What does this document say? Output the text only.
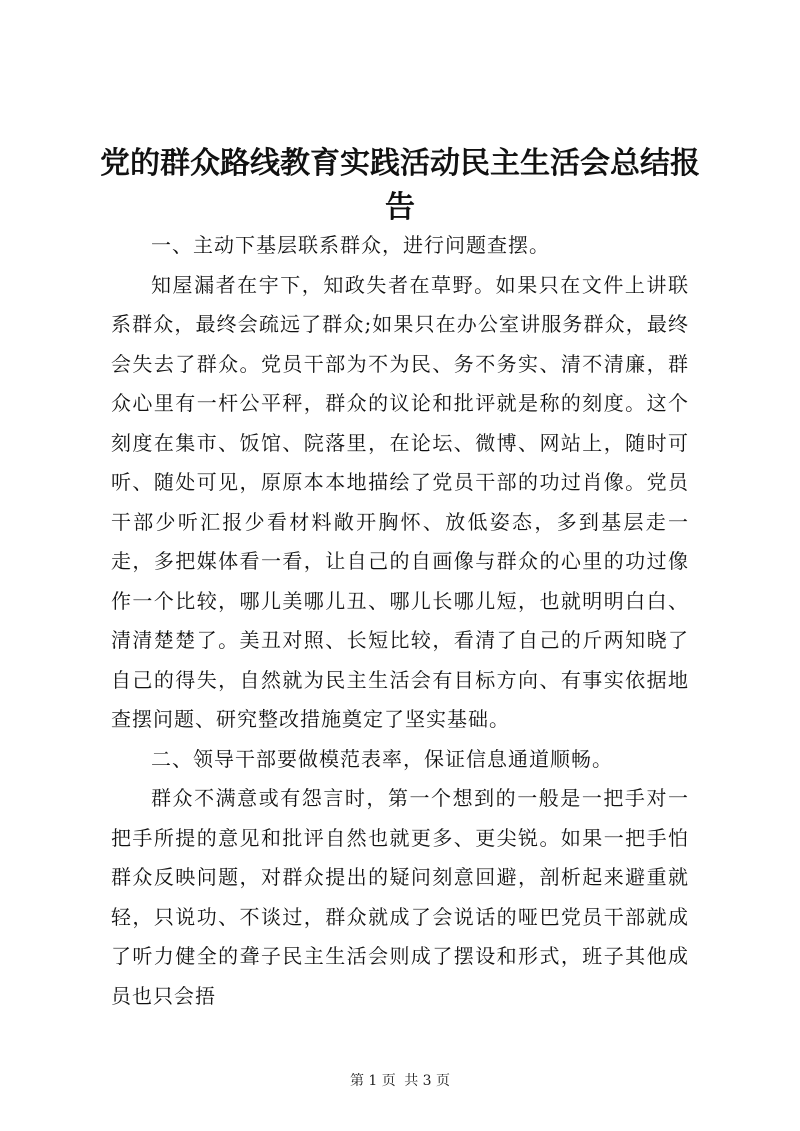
党的群众路线教育实践活动民主生活会总结报告

一、主动下基层联系群众，进行问题查摆。

知屋漏者在宇下，知政失者在草野。如果只在文件上讲联系群众，最终会疏远了群众;如果只在办公室讲服务群众，最终会失去了群众。党员干部为不为民、务不务实、清不清廉，群众心里有一杆公平秤，群众的议论和批评就是称的刻度。这个刻度在集市、饭馆、院落里，在论坛、微博、网站上，随时可听、随处可见，原原本本地描绘了党员干部的功过肖像。党员干部少听汇报少看材料敞开胸怀、放低姿态，多到基层走一走，多把媒体看一看，让自己的自画像与群众的心里的功过像作一个比较，哪儿美哪儿丑、哪儿长哪儿短，也就明明白白、清清楚楚了。美丑对照、长短比较，看清了自己的斤两知晓了自己的得失，自然就为民主生活会有目标方向、有事实依据地查摆问题、研究整改措施奠定了坚实基础。

二、领导干部要做模范表率，保证信息通道顺畅。

群众不满意或有怨言时，第一个想到的一般是一把手对一把手所提的意见和批评自然也就更多、更尖锐。如果一把手怕群众反映问题，对群众提出的疑问刻意回避，剖析起来避重就轻，只说功、不谈过，群众就成了会说话的哑巴党员干部就成了听力健全的聋子民主生活会则成了摆设和形式，班子其他成员也只会捂

第 1 页 共 3 页
